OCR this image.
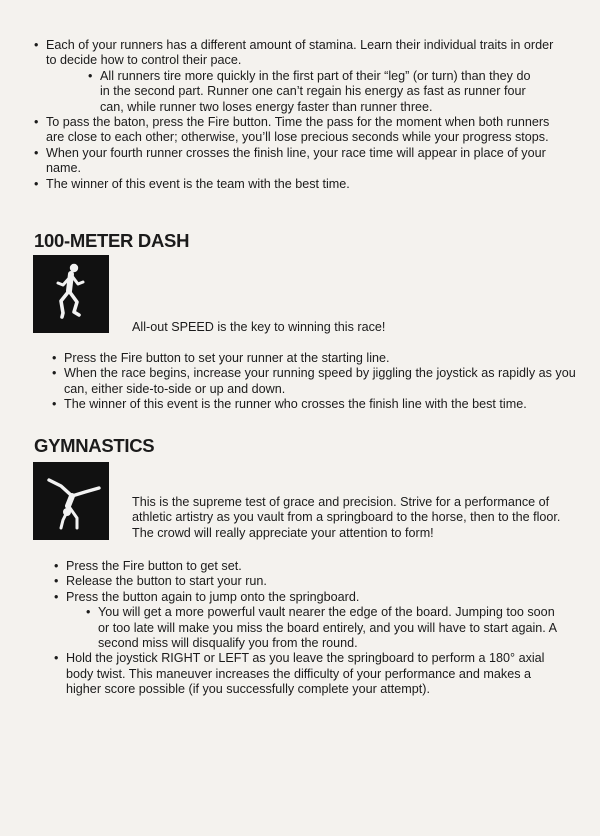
• Each of your runners has a different amount of stamina. Learn their individual traits in order to decide how to control their pace.
• All runners tire more quickly in the first part of their “leg” (or turn) than they do in the second part. Runner one can’t regain his energy as fast as runner four can, while runner two loses energy faster than runner three.
• To pass the baton, press the Fire button. Time the pass for the moment when both runners are close to each other; otherwise, you’ll lose precious seconds while your progress stops.
• When your fourth runner crosses the finish line, your race time will appear in place of your name.
• The winner of this event is the team with the best time.
100-METER DASH
All-out SPEED is the key to winning this race!
• Press the Fire button to set your runner at the starting line.
• When the race begins, increase your running speed by jiggling the joystick as rapidly as you can, either side-to-side or up and down.
• The winner of this event is the runner who crosses the finish line with the best time.
GYMNASTICS
This is the supreme test of grace and precision. Strive for a performance of athletic artistry as you vault from a springboard to the horse, then to the floor. The crowd will really appreciate your attention to form!
• Press the Fire button to get set.
• Release the button to start your run.
• Press the button again to jump onto the springboard.
• You will get a more powerful vault nearer the edge of the board. Jumping too soon or too late will make you miss the board entirely, and you will have to start again. A second miss will disqualify you from the round.
• Hold the joystick RIGHT or LEFT as you leave the springboard to perform a 180° axial body twist. This maneuver increases the difficulty of your performance and makes a higher score possible (if you successfully complete your attempt).
